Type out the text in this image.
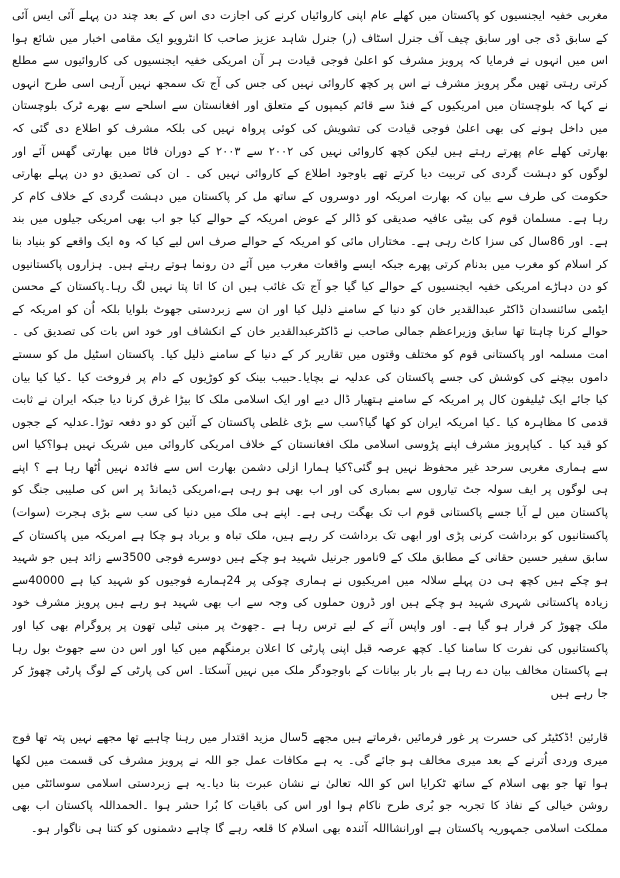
مغربی خفیہ ایجنسیوں کو پاکستان میں کھلے عام اپنی کاروائیاں کرنے کی اجازت دی اس کے بعد چند دن پہلے آئی ایس آئی کے سابق ڈی جی اور سابق چیف آف جنرل اسٹاف (ر) جنرل شاہد عزیز صاحب کا انٹرویو ایک مقامی اخبار میں شائع ہوا اس میں انہوں نے فرمایا کہ پرویز مشرف کو اعلیٰ فوجی قیادت ہر آن امریکی خفیہ ایجنسیوں کی کاروائیوں سے مطلع کرتی رہتی تھیں مگر پرویز مشرف نے اس پر کچھ کاروائی نہیں کی جس کی آج تک سمجھ نہیں آرہی اسی طرح انہوں نے کہا کہ بلوچستان میں امریکیوں کے فنڈ سے قائم کیمپوں کے متعلق اور افغانستان سے اسلحے سے بھرے ٹرک بلوچستان میں داخل ہونے کی بھی اعلیٰ فوجی قیادت کی تشویش کی کوئی پرواہ نہیں کی بلکہ مشرف کو اطلاع دی گئی کہ بھارتی کھلے عام پھرتے رہتے ہیں لیکن کچھ کاروائی نہیں کی ۲۰۰۲ سے ۲۰۰۳ کے دوران فاٹا میں بھارتی گھس آئے اور لوگوں کو دہشت گردی کی تربیت دیا کرتے تھے باوجود اطلاع کے کاروائی نہیں کی ۔ ان کی تصدیق دو دن پہلے بھارتی حکومت کی طرف سے بیان کہ بھارت امریکہ اور دوسروں کے ساتھ مل کر پاکستان میں دہشت گردی کے خلاف کام کر رہا ہے۔ مسلمان قوم کی بیٹی عافیہ صدیقی کو ڈالر کے عوض امریکہ کے حوالے کیا جو اب بھی امریکی جیلوں میں بند ہے۔ اور 86سال کی سزا کاٹ رہی ہے۔ مختاراں مائی کو امریکہ کے حوالے صرف اس لیے کیا کہ وہ ایک واقعے کو بنیاد بنا کر اسلام کو مغرب میں بدنام کرتی پھرے جبکہ ایسے واقعات مغرب میں آئے دن رونما ہوتے رہتے ہیں۔ ہزاروں پاکستانیوں کو دن دہاڑے امریکی خفیہ ایجنسیوں کے حوالے کیا گیا جو آج تک غائب ہیں ان کا اتا پتا نہیں لگ رہا۔پاکستان کے محسن ایٹمی سائنسدان ڈاکٹر عبدالقدیر خان کو دنیا کے سامنے ذلیل کیا اور ان سے زبردستی جھوٹ بلوایا بلکہ اُن کو امریکہ کے حوالے کرنا چاہتا تھا سابق وزیراعظم جمالی صاحب نے ڈاکٹرعبدالقدیر خان کے انکشاف اور خود اس بات کی تصدیق کی ۔ امت مسلمہ اور پاکستانی قوم کو مختلف وقتوں میں تقاریر کر کے دنیا کے سامنے ذلیل کیا۔ پاکستان اسٹیل مل کو سستے داموں بیچنے کی کوشش کی جسے پاکستان کی عدلیہ نے بچایا۔حبیب بینک کو کوڑیوں کے دام پر فروخت کیا ۔کیا کیا بیان کیا جائے ایک ٹیلیفون کال پر امریکہ کے سامنے ہتھیار ڈال دیے اور ایک اسلامی ملک کا بیڑا غرق کرنا دیا جبکہ ایران نے ثابت قدمی کا مظاہرہ کیا ۔کیا امریکہ ایران کو کھا گیا؟سب سے بڑی غلطی پاکستان کے آئین کو دو دفعہ توڑا۔عدلیہ کے ججوں کو قید کیا ۔ کیاپرویز مشرف اپنے پڑوسی اسلامی ملک افغانستان کے خلاف امریکی کاروائی میں شریک نہیں ہوا؟کیا اس سے ہماری مغربی سرحد غیر محفوظ نہیں ہو گئی؟کیا ہمارا ازلی دشمن بھارت اس سے فائدہ نہیں اُٹھا رہا ہے ؟ اپنے ہی لوگوں پر ایف سولہ جٹ تیاروں سے بمباری کی اور اب بھی ہو رہی ہے،امریکی ڈیمانڈ پر اس کی صلیبی جنگ کو پاکستان میں لے آیا جسے پاکستانی قوم اب تک بھگت رہی ہے۔ اپنے ہی ملک میں دنیا کی سب سے بڑی ہجرت (سوات) پاکستانیوں کو برداشت کرنی پڑی اور ابھی تک برداشت کر رہے ہیں، ملک تباہ و برباد ہو چکا ہے امریکہ میں پاکستان کے سابق سفیر حسین حقانی کے مطابق ملک کے 9نامور جرنیل شہید ہو چکے ہیں دوسرے فوجی 3500سے زائد ہیں جو شہید ہو چکے ہیں کچھ ہی دن پہلے سلالہ میں امریکیوں نے ہماری چوکی پر 24ہمارے فوجیوں کو شہید کیا ہے 40000سے زیادہ پاکستانی شہری شہید ہو چکے ہیں اور ڈرون حملوں کی وجہ سے اب بھی شہید ہو رہے ہیں پرویز مشرف خود ملک چھوڑ کر فرار ہو گیا ہے۔ اور واپس آنے کے لیے ترس رہا ہے ۔جھوٹ پر مبنی ٹیلی تھون پر پروگرام بھی کیا اور پاکستانیوں کی نفرت کا سامنا کیا۔ کچھ عرصہ قبل اپنی پارٹی کا اعلان برمنگھم میں کیا اور اس دن سے جھوٹ بول رہا ہے پاکستان مخالف بیان دے رہا ہے بار بار بیانات کے باوجودگر ملک میں نہیں آسکتا۔ اس کی پارٹی کے لوگ پارٹی چھوڑ کر جا رہے ہیں

قارئین !ڈکٹیٹر کی حسرت پر غور فرمائیں ،فرماتے ہیں مجھے 5سال مزید اقتدار میں رہنا چاہیے تھا مجھے نہیں پتہ تھا فوج میری وردی اُترنے کے بعد میری مخالف ہو جائے گی۔ یہ ہے مکافات عمل جو اللہ نے پرویز مشرف کی قسمت میں لکھا ہوا تھا جو بھی اسلام کے ساتھ ٹکرایا اس کو اللہ تعالیٰ نے نشان عبرت بنا دیا۔یہ ہے زبردستی اسلامی سوسائٹی میں روشن خیالی کے نفاذ کا تجربہ جو بُری طرح ناکام ہوا اور اس کی باقیات کا بُرا حشر ہوا ۔الحمداللہ پاکستان اب بھی مملکت اسلامی جمہوریہ پاکستان ہے اورانشااللہ آئندہ بھی اسلام کا قلعہ رہے گا چاہے دشمنوں کو کتنا ہی ناگوار ہو۔
